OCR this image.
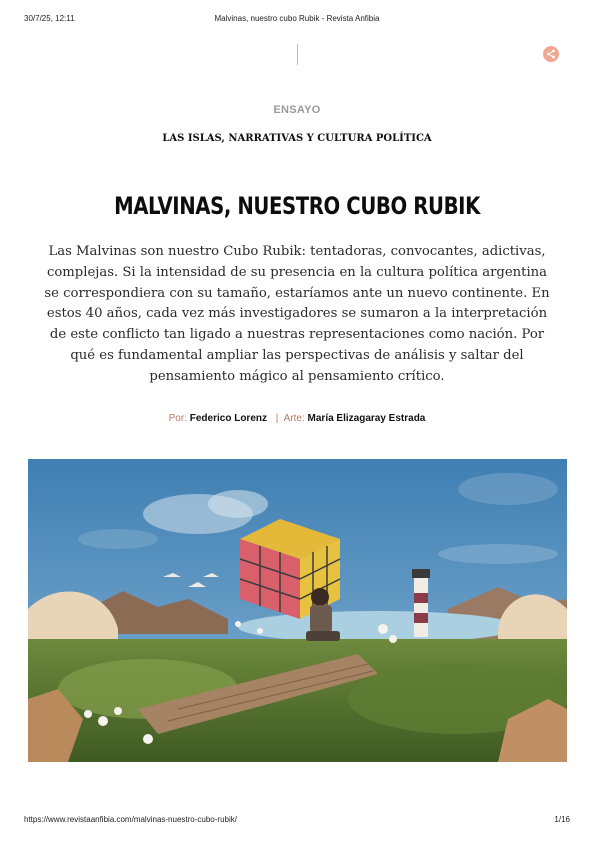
30/7/25, 12:11	Malvinas, nuestro cubo Rubik - Revista Anfibia
ENSAYO
LAS ISLAS, NARRATIVAS Y CULTURA POLÍTICA
MALVINAS, NUESTRO CUBO RUBIK

Las Malvinas son nuestro Cubo Rubik: tentadoras, convocantes, adictivas, complejas. Si la intensidad de su presencia en la cultura política argentina se correspondiera con su tamaño, estaríamos ante un nuevo continente. En estos 40 años, cada vez más investigadores se sumaron a la interpretación de este conflicto tan ligado a nuestras representaciones como nación. Por qué es fundamental ampliar las perspectivas de análisis y saltar del pensamiento mágico al pensamiento crítico.

Por: Federico Lorenz | Arte: María Elizagaray Estrada
https://www.revistaanfibia.com/malvinas-nuestro-cubo-rubik/	1/16
